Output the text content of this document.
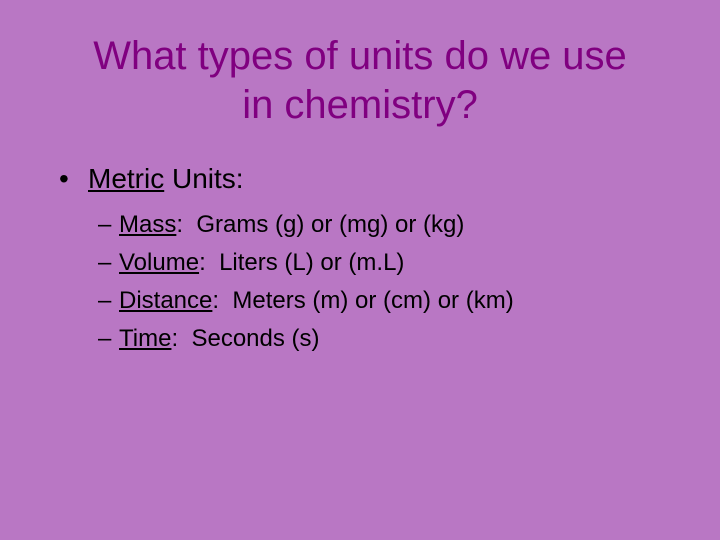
What types of units do we use
in chemistry?
• Metric Units:
– Mass:  Grams (g) or (mg) or (kg)
– Volume:  Liters (L) or (m.L)
– Distance:  Meters (m) or (cm) or (km)
– Time:  Seconds (s)
